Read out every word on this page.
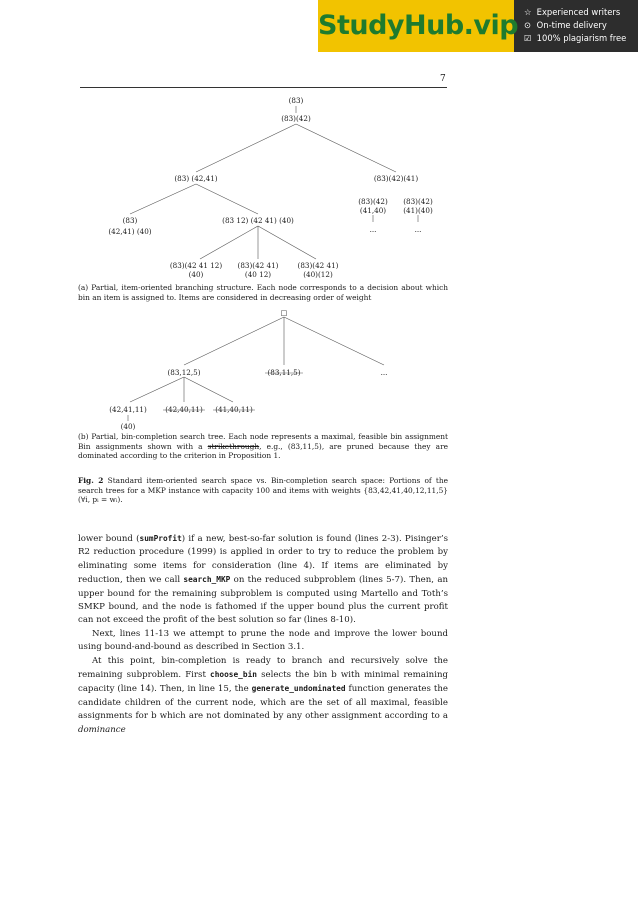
StudyHub.vip ☆ Experienced writers
⊙ On-time delivery
☑ 100% plagiarism free
7
(83)
(83)(42)
(83) (42,41)	(83)(42)(41)
(83)(42)
(41,40)
...
(83)(42)
(41)(40)
...
(83)
(42,41) (40)
(83 12) (42 41) (40)
(83)(42 41 12)
(40)
(83)(42 41)
(40 12)
(83)(42 41)
(40)(12)
□
(83,12,5)	(83,11,5)	...
(42,41,11)	(42,40,11) (41,40,11)
(40)
(a) Partial, item-oriented branching structure. Each node corresponds to a decision about which bin an item is assigned to. Items are considered in decreasing order of weight
(b) Partial, bin-completion search tree. Each node represents a maximal, feasible bin assignment Bin assignments shown with a strikethrough, e.g., (83,11,5), are pruned because they are dominated according to the criterion in Proposition 1.
Fig. 2 Standard item-oriented search space vs. Bin-completion search space: Portions of the search trees for a MKP instance with capacity 100 and items with weights {83,42,41,40,12,11,5} (∀i, pᵢ = wᵢ).

lower bound (sumProfit) if a new, best-so-far solution is found (lines 2-3). Pisinger’s R2 reduction procedure (1999) is applied in order to try to reduce the problem by eliminating some items for consideration (line 4). If items are eliminated by reduction, then we call search_MKP on the reduced subproblem (lines 5-7). Then, an upper bound for the remaining subproblem is computed using Martello and Toth’s SMKP bound, and the node is fathomed if the upper bound plus the current profit can not exceed the profit of the best solution so far (lines 8-10).

Next, lines 11-13 we attempt to prune the node and improve the lower bound using bound-and-bound as described in Section 3.1.

At this point, bin-completion is ready to branch and recursively solve the remaining subproblem. First choose_bin selects the bin b with minimal remaining capacity (line 14). Then, in line 15, the generate_undominated function generates the candidate children of the current node, which are the set of all maximal, feasible assignments for b which are not dominated by any other assignment according to a dominance
